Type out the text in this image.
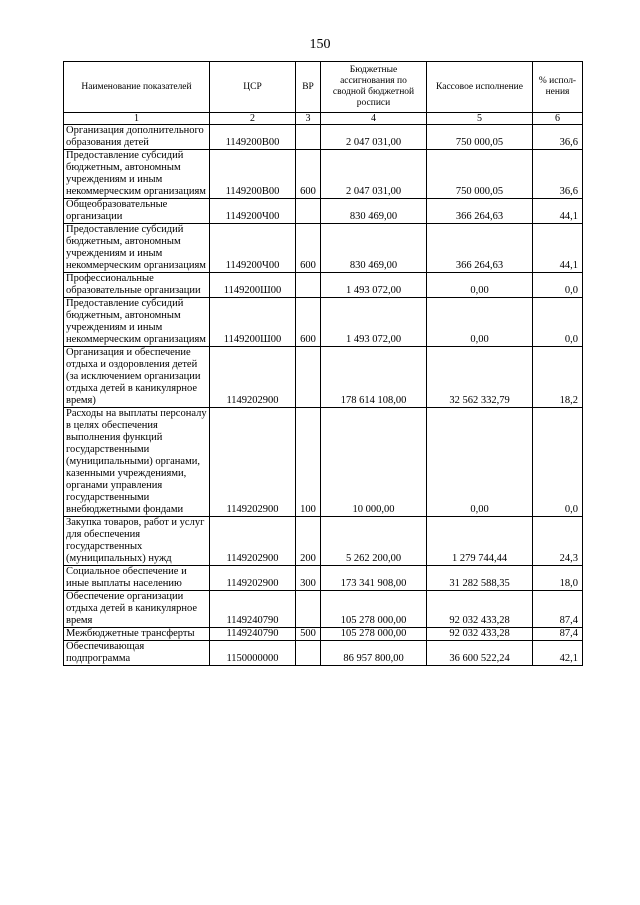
150
Наименование показателей	ЦСР	ВР	Бюджетные ассигнования по сводной бюджетной росписи	Кассовое исполнение	% испол-нения
1	2	3	4	5	6
Организация дополнительного образования детей	1149200В00		2 047 031,00	750 000,05	36,6
Предоставление субсидий бюджетным, автономным учреждениям и иным некоммерческим организациям	1149200В00	600	2 047 031,00	750 000,05	36,6
Общеобразовательные организации	1149200Ч00		830 469,00	366 264,63	44,1
Предоставление субсидий бюджетным, автономным учреждениям и иным некоммерческим организациям	1149200Ч00	600	830 469,00	366 264,63	44,1
Профессиональные образовательные организации	1149200Ш00		1 493 072,00	0,00	0,0
Предоставление субсидий бюджетным, автономным учреждениям и иным некоммерческим организациям	1149200Ш00	600	1 493 072,00	0,00	0,0
Организация и обеспечение отдыха и оздоровления детей (за исключением организации отдыха детей в каникулярное время)	1149202900		178 614 108,00	32 562 332,79	18,2
Расходы на выплаты персоналу в целях обеспечения выполнения функций государственными (муниципальными) органами, казенными учреждениями, органами управления государственными внебюджетными фондами	1149202900	100	10 000,00	0,00	0,0
Закупка товаров, работ и услуг для обеспечения государственных (муниципальных) нужд	1149202900	200	5 262 200,00	1 279 744,44	24,3
Социальное обеспечение и иные выплаты населению	1149202900	300	173 341 908,00	31 282 588,35	18,0
Обеспечение организации отдыха детей в каникулярное время	1149240790		105 278 000,00	92 032 433,28	87,4
Межбюджетные трансферты	1149240790	500	105 278 000,00	92 032 433,28	87,4
Обеспечивающая подпрограмма	1150000000		86 957 800,00	36 600 522,24	42,1
